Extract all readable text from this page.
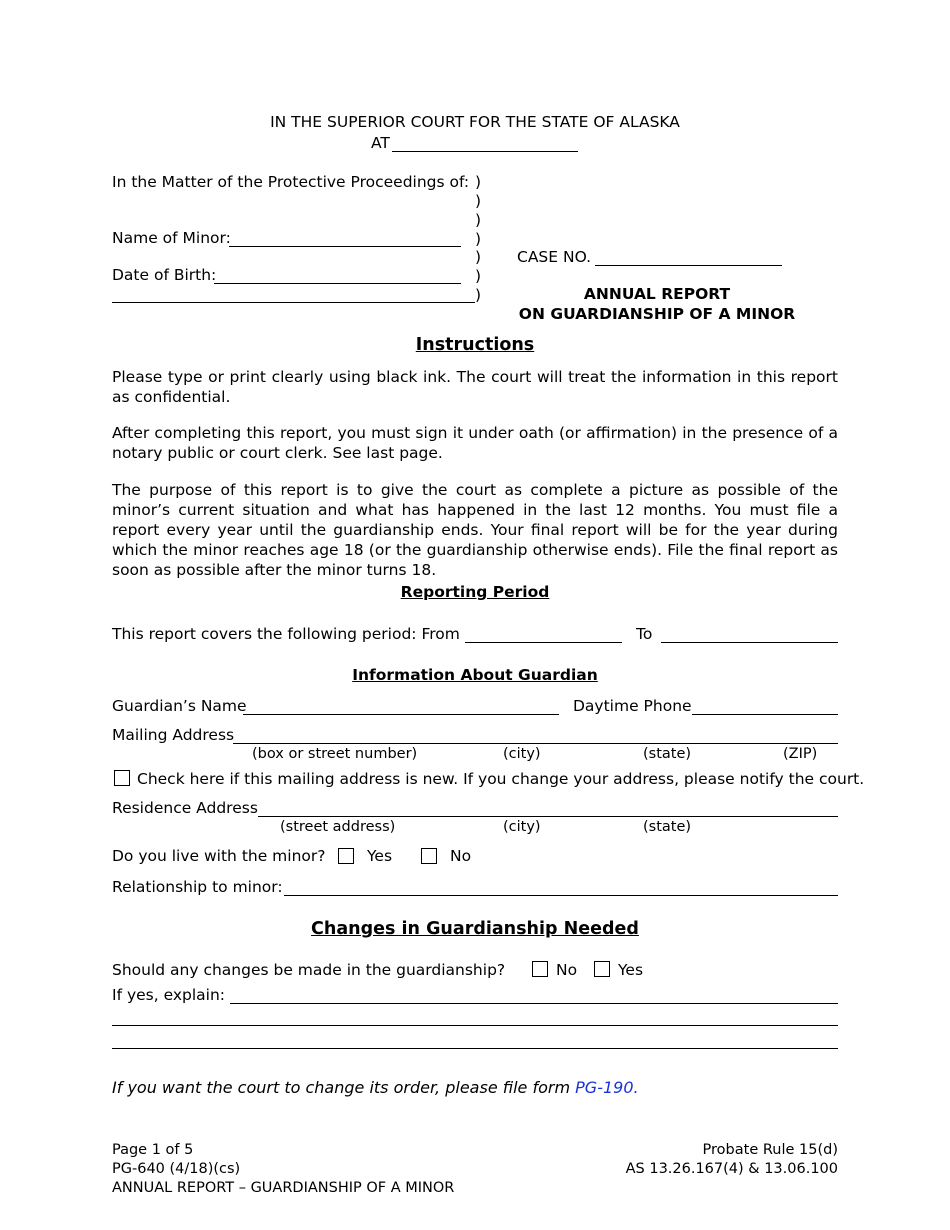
IN THE SUPERIOR COURT FOR THE STATE OF ALASKA
AT
In the Matter of the Protective Proceedings of:
Name of Minor:
Date of Birth:
)
)
)
)
)
)
)
CASE NO.
ANNUAL REPORT
ON GUARDIANSHIP OF A MINOR
Instructions
Please type or print clearly using black ink. The court will treat the information in this report as confidential.
After completing this report, you must sign it under oath (or affirmation) in the presence of a notary public or court clerk. See last page.
The purpose of this report is to give the court as complete a picture as possible of the minor’s current situation and what has happened in the last 12 months. You must file a report every year until the guardianship ends. Your final report will be for the year during which the minor reaches age 18 (or the guardianship otherwise ends). File the final report as soon as possible after the minor turns 18.
Reporting Period
This report covers the following period: From	To
Information About Guardian
Guardian’s Name	Daytime Phone
Mailing Address
(box or street number)	(city)	(state)	(ZIP)
Check here if this mailing address is new. If you change your address, please notify the court.
Residence Address
(street address)	(city)	(state)
Do you live with the minor?	Yes	No
Relationship to minor:
Changes in Guardianship Needed
Should any changes be made in the guardianship?	No	Yes
If yes, explain:
If you want the court to change its order, please file form PG-190.
Page 1 of 5
PG-640 (4/18)(cs)
ANNUAL REPORT – GUARDIANSHIP OF A MINOR
Probate Rule 15(d)
AS 13.26.167(4) & 13.06.100
